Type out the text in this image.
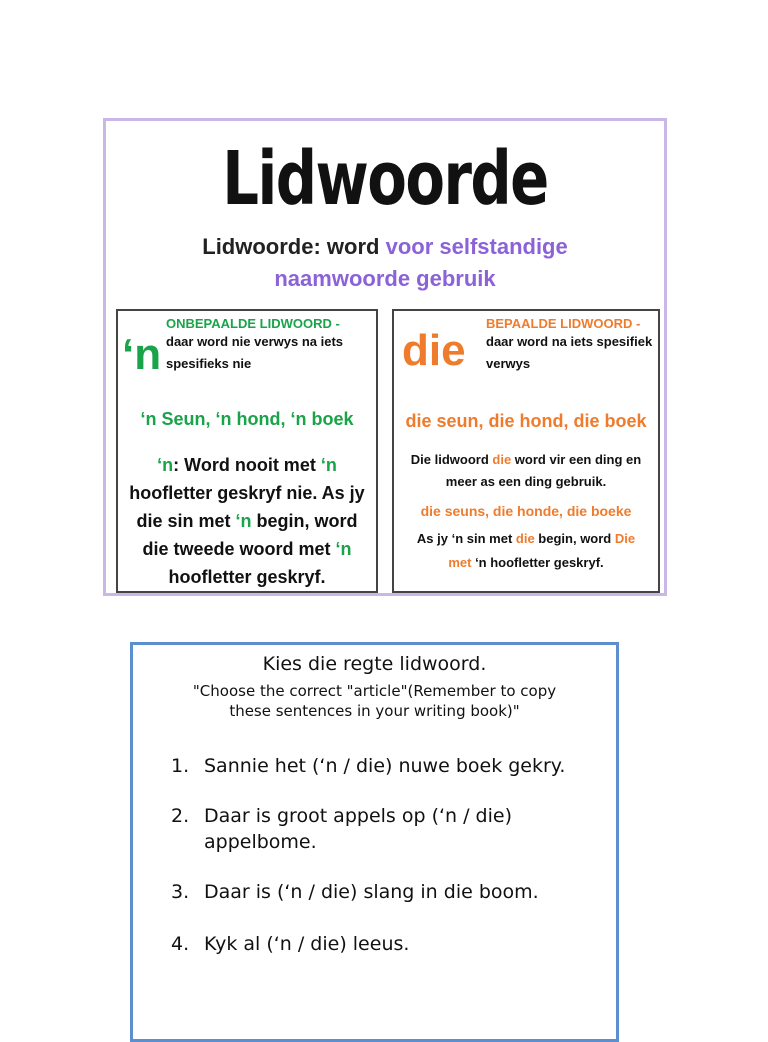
Lidwoorde
Lidwoorde: word voor selfstandige
naamwoorde gebruik
‘n
ONBEPAALDE LIDWOORD -
daar word nie verwys na iets spesifieks nie
‘n Seun, ‘n hond, ‘n boek
‘n: Word nooit met ‘n hoofletter geskryf nie. As jy die sin met ‘n begin, word die tweede woord met ‘n hoofletter geskryf.
die
BEPAALDE LIDWOORD -
daar word na iets spesifiek verwys
die seun, die hond, die boek
Die lidwoord die word vir een ding en meer as een ding gebruik.
die seuns, die honde, die boeke
As jy ‘n sin met die begin, word Die
met ‘n hoofletter geskryf.
Kies die regte lidwoord.
"Choose the correct "article"(Remember to copy these sentences in your writing book)"
1. Sannie het (‘n / die) nuwe boek gekry.
2. Daar is groot appels op (‘n / die) appelbome.
3. Daar is (‘n / die) slang in die boom.
4. Kyk al (‘n / die) leeus.
